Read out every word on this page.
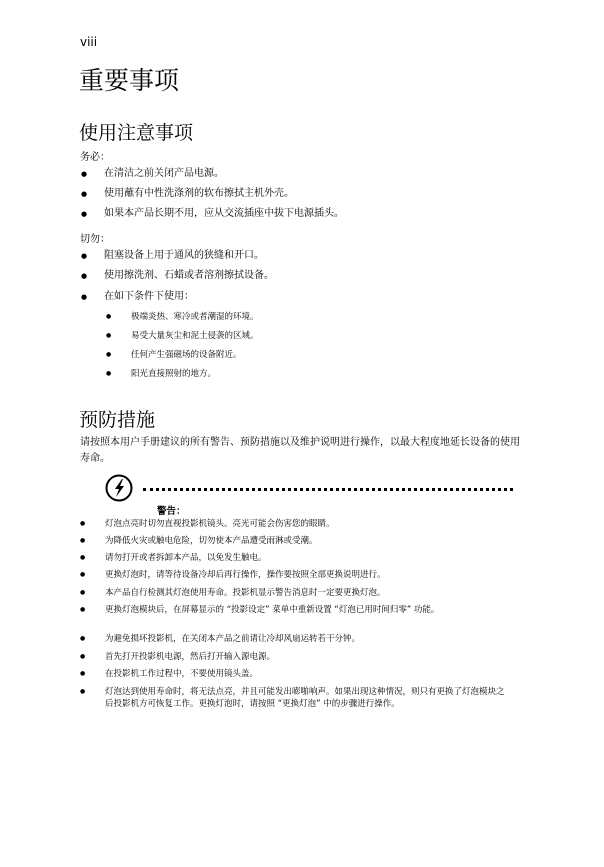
viii
重要事项
使用注意事项
务必：
● 在清洁之前关闭产品电源。
● 使用蘸有中性洗涤剂的软布擦拭主机外壳。
● 如果本产品长期不用，应从交流插座中拔下电源插头。
切勿：
● 阻塞设备上用于通风的狭缝和开口。
● 使用擦洗剂、石蜡或者溶剂擦拭设备。
● 在如下条件下使用：
● 极端炎热、寒冷或者潮湿的环境。
● 易受大量灰尘和泥土侵袭的区域。
● 任何产生强磁场的设备附近。
● 阳光直接照射的地方。
预防措施
请按照本用户手册建议的所有警告、预防措施以及维护说明进行操作，以最大程度地延长设备的使用寿命。
警告：
● 灯泡点亮时切勿直视投影机镜头。亮光可能会伤害您的眼睛。
● 为降低火灾或触电危险，切勿使本产品遭受雨淋或受潮。
● 请勿打开或者拆卸本产品，以免发生触电。
● 更换灯泡时，请等待设备冷却后再行操作，操作要按照全部更换说明进行。
● 本产品自行检测其灯泡使用寿命。投影机显示警告消息时一定要更换灯泡。
● 更换灯泡模块后，在屏幕显示的 “投影设定” 菜单中重新设置 “灯泡已用时间归零” 功能。
● 为避免损坏投影机，在关闭本产品之前请让冷却风扇运转若干分钟。
● 首先打开投影机电源，然后打开输入源电源。
● 在投影机工作过程中，不要使用镜头盖。
● 灯泡达到使用寿命时，将无法点亮，并且可能发出嘭啪响声。如果出现这种情况，则只有更换了灯泡模块之后投影机方可恢复工作。更换灯泡时，请按照 “更换灯泡” 中的步骤进行操作。
